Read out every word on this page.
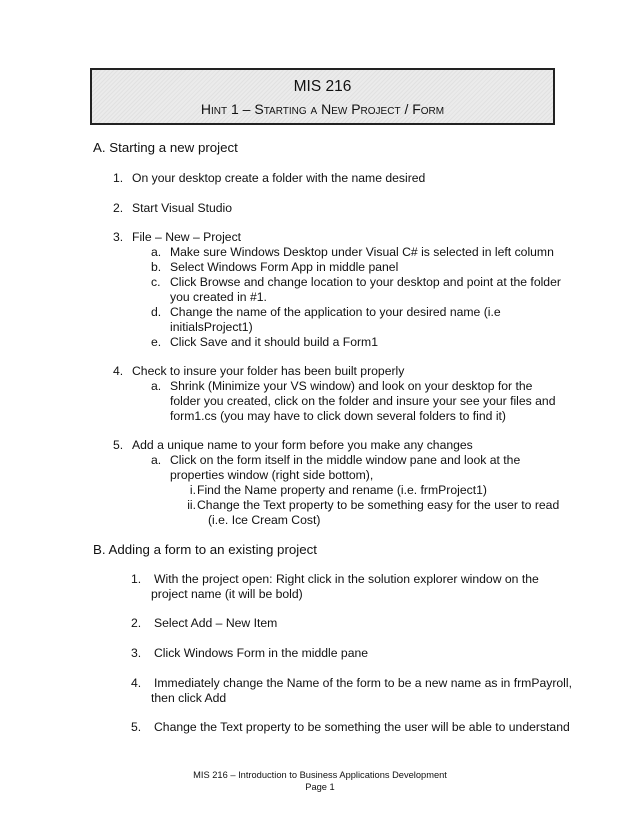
MIS 216
Hint 1 – Starting a New Project / Form
A. Starting a new project
1. On your desktop create a folder with the name desired
2. Start Visual Studio
3. File – New – Project
a. Make sure Windows Desktop under Visual C# is selected in left column
b. Select Windows Form App in middle panel
c. Click Browse and change location to your desktop and point at the folder
you created in #1.
d. Change the name of the application to your desired name (i.e
initialsProject1)
e. Click Save and it should build a Form1
4. Check to insure your folder has been built properly
a. Shrink (Minimize your VS window) and look on your desktop for the
folder you created, click on the folder and insure your see your files and
form1.cs (you may have to click down several folders to find it)
5. Add a unique name to your form before you make any changes
a. Click on the form itself in the middle window pane and look at the
properties window (right side bottom),
i. Find the Name property and rename (i.e. frmProject1)
ii. Change the Text property to be something easy for the user to read
(i.e. Ice Cream Cost)
B. Adding a form to an existing project
1. With the project open: Right click in the solution explorer window on the
project name (it will be bold)
2. Select Add – New Item
3. Click Windows Form in the middle pane
4. Immediately change the Name of the form to be a new name as in frmPayroll,
then click Add
5. Change the Text property to be something the user will be able to understand
MIS 216 – Introduction to Business Applications Development
Page 1
